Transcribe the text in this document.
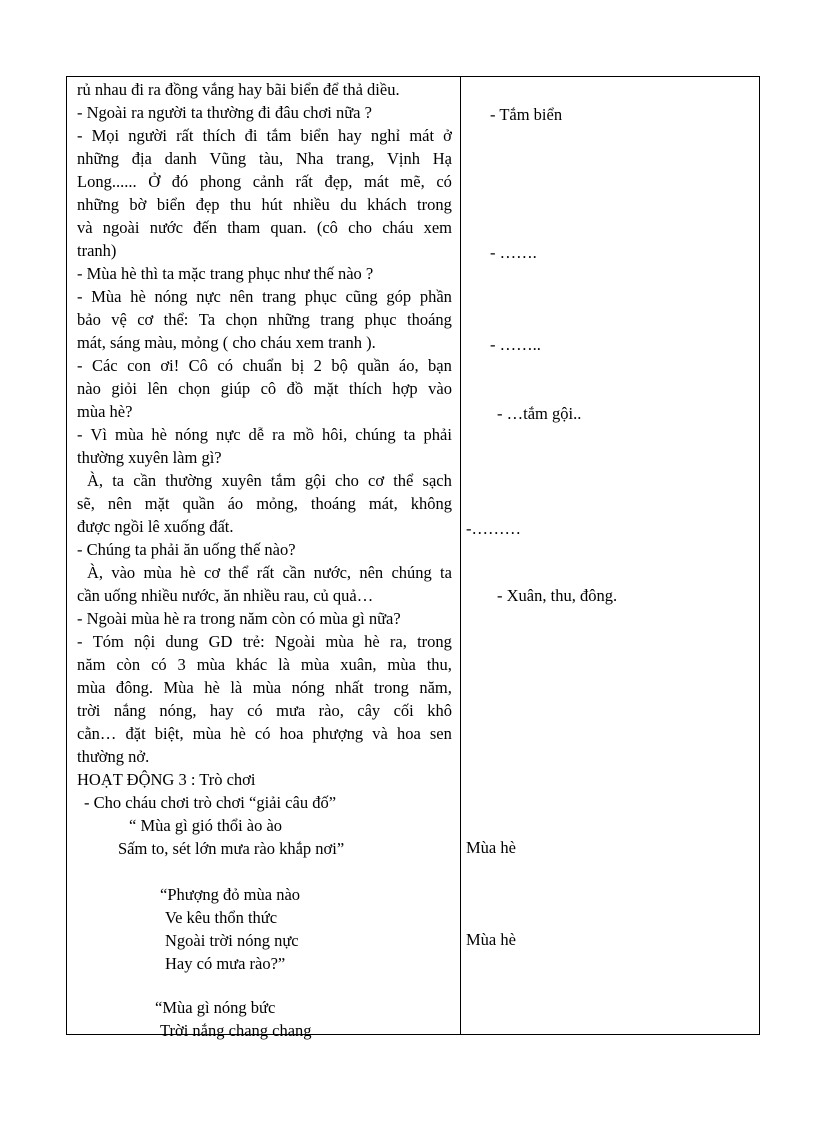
rủ nhau đi ra đồng vắng hay bãi biển để thả diều.
- Ngoài ra người ta thường đi đâu chơi nữa ?
- Mọi người rất thích đi tắm biển hay nghỉ mát ở
những địa danh Vũng tàu, Nha trang, Vịnh Hạ
Long...... Ở đó phong cảnh rất đẹp, mát mẽ, có
những bờ biển đẹp thu hút nhiều du khách trong
và ngoài nước đến tham quan. (cô cho cháu xem
tranh)
- Mùa hè thì ta mặc trang phục như thế nào ?
- Mùa hè nóng nực nên trang phục cũng góp phần
bảo vệ cơ thể: Ta chọn những trang phục thoáng
mát, sáng màu, mỏng ( cho cháu xem tranh ).
- Các con ơi! Cô có chuẩn bị 2 bộ quần áo, bạn
nào giỏi lên chọn giúp cô đồ mặt thích hợp vào
mùa hè?
- Vì mùa hè nóng nực dễ ra mồ hôi, chúng ta phải
thường xuyên làm gì?
À, ta cần thường xuyên tắm gội cho cơ thể sạch
sẽ, nên mặt quần áo mỏng, thoáng mát, không
được ngồi lê xuống đất.
- Chúng ta phải ăn uống thế nào?
À, vào mùa hè cơ thể rất cần nước, nên chúng ta
cần uống nhiều nước, ăn nhiều rau, củ quả…
- Ngoài mùa hè ra trong năm còn có mùa gì nữa?
- Tóm nội dung GD trẻ: Ngoài mùa hè ra, trong
năm còn có 3 mùa khác là mùa xuân, mùa thu,
mùa đông. Mùa hè là mùa nóng nhất trong năm,
trời nắng nóng, hay có mưa rào, cây cối khô
cằn… đặt biệt, mùa hè có hoa phượng và hoa sen
thường nở.
HOẠT ĐỘNG 3 : Trò chơi
- Cho cháu chơi trò chơi “giải câu đố”
“ Mùa gì gió thổi ào ào
Sấm to, sét lớn mưa rào khắp nơi”
“Phượng đỏ mùa nào
Ve kêu thổn thức
Ngoài trời nóng nực
Hay có mưa rào?”
“Mùa gì nóng bức
Trời nắng chang chang
- Tắm biển
- …….
- ……..
- …tắm gội..
-………
- Xuân, thu, đông.
Mùa hè
Mùa hè
